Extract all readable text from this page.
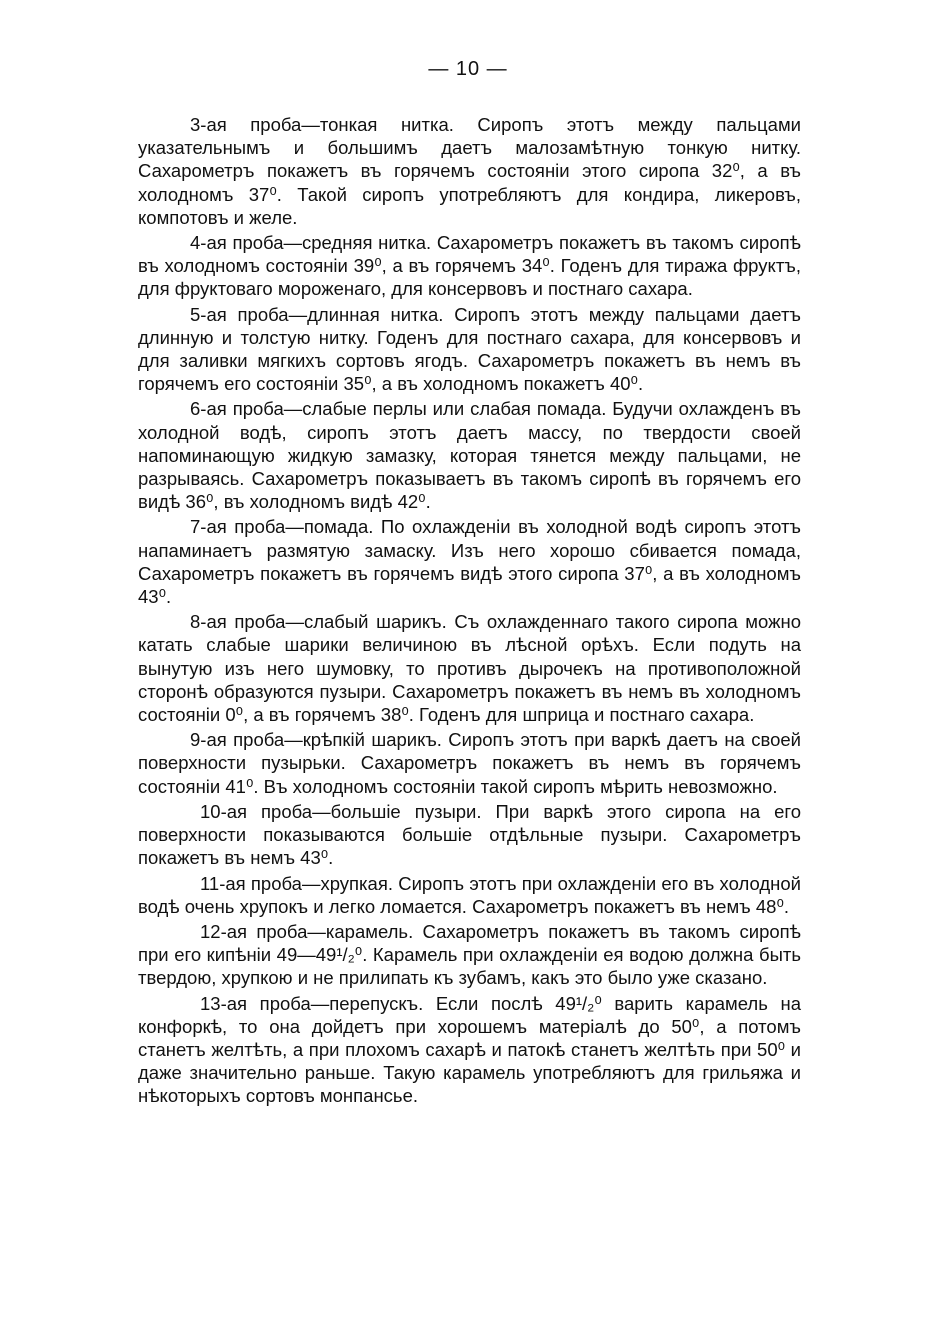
— 10 —

3-ая проба—тонкая нитка. Сиропъ этотъ между пальцами указательнымъ и большимъ даетъ малозамѣтную тонкую нитку. Сахарометръ покажетъ въ горячемъ состоянiи этого сиропа 32⁰, а въ холодномъ 37⁰. Такой сиропъ употребляютъ для кондира, ликеровъ, компотовъ и желе.

4-ая проба—средняя нитка. Сахарометръ покажетъ въ такомъ сиропѣ въ холодномъ состоянiи 39⁰, а въ горячемъ 34⁰. Годенъ для тиража фруктъ, для фруктоваго мороженаго, для консервовъ и постнаго сахара.

5-ая проба—длинная нитка. Сиропъ этотъ между пальцами даетъ длинную и толстую нитку. Годенъ для постнаго сахара, для консервовъ и для заливки мягкихъ сортовъ ягодъ. Сахарометръ покажетъ въ немъ въ горячемъ его состоянiи 35⁰, а въ холодномъ покажетъ 40⁰.

6-ая проба—слабые перлы или слабая помада. Будучи охлажденъ въ холодной водѣ, сиропъ этотъ даетъ массу, по твердости своей напоминающую жидкую замазку, которая тянется между пальцами, не разрываясь. Сахарометръ показываетъ въ такомъ сиропѣ въ горячемъ его видѣ 36⁰, въ холодномъ видѣ 42⁰.

7-ая проба—помада. По охлажденiи въ холодной водѣ сиропъ этотъ напаминаетъ размятую замаску. Изъ него хорошо сбивается помада, Сахарометръ покажетъ въ горячемъ видѣ этого сиропа 37⁰, а въ холодномъ 43⁰.

8-ая проба—слабый шарикъ. Съ охлажденнаго такого сиропа можно катать слабые шарики величиною въ лѣсной орѣхъ. Если подуть на вынутую изъ него шумовку, то противъ дырочекъ на противоположной сторонѣ образуются пузыри. Сахарометръ покажетъ въ немъ въ холодномъ состоянiи 0⁰, а въ горячемъ 38⁰. Годенъ для шприца и постнаго сахара.

9-ая проба—крѣпкiй шарикъ. Сиропъ этотъ при варкѣ даетъ на своей поверхности пузырьки. Сахарометръ покажетъ въ немъ въ горячемъ состоянiи 41⁰. Въ холодномъ состоянiи такой сиропъ мѣрить невозможно.

10-ая проба—большiе пузыри. При варкѣ этого сиропа на его поверхности показываются большiе отдѣльные пузыри. Сахарометръ покажетъ въ немъ 43⁰.

11-ая проба—хрупкая. Сиропъ этотъ при охлажденiи его въ холодной водѣ очень хрупокъ и легко ломается. Сахарометръ покажетъ въ немъ 48⁰.

12-ая проба—карамель. Сахарометръ покажетъ въ такомъ сиропѣ при его кипѣнiи 49—49¹/₂⁰. Карамель при охлажденiи ея водою должна быть твердою, хрупкою и не прилипать къ зубамъ, какъ это было уже сказано.

13-ая проба—перепускъ. Если послѣ 49¹/₂⁰ варить карамель на конфоркѣ, то она дойдетъ при хорошемъ матерiалѣ до 50⁰, а потомъ станетъ желтѣть, а при плохомъ сахарѣ и патокѣ станетъ желтѣть при 50⁰ и даже значительно раньше. Такую карамель употребляютъ для грильяжа и нѣкоторыхъ сортовъ монпансье.
